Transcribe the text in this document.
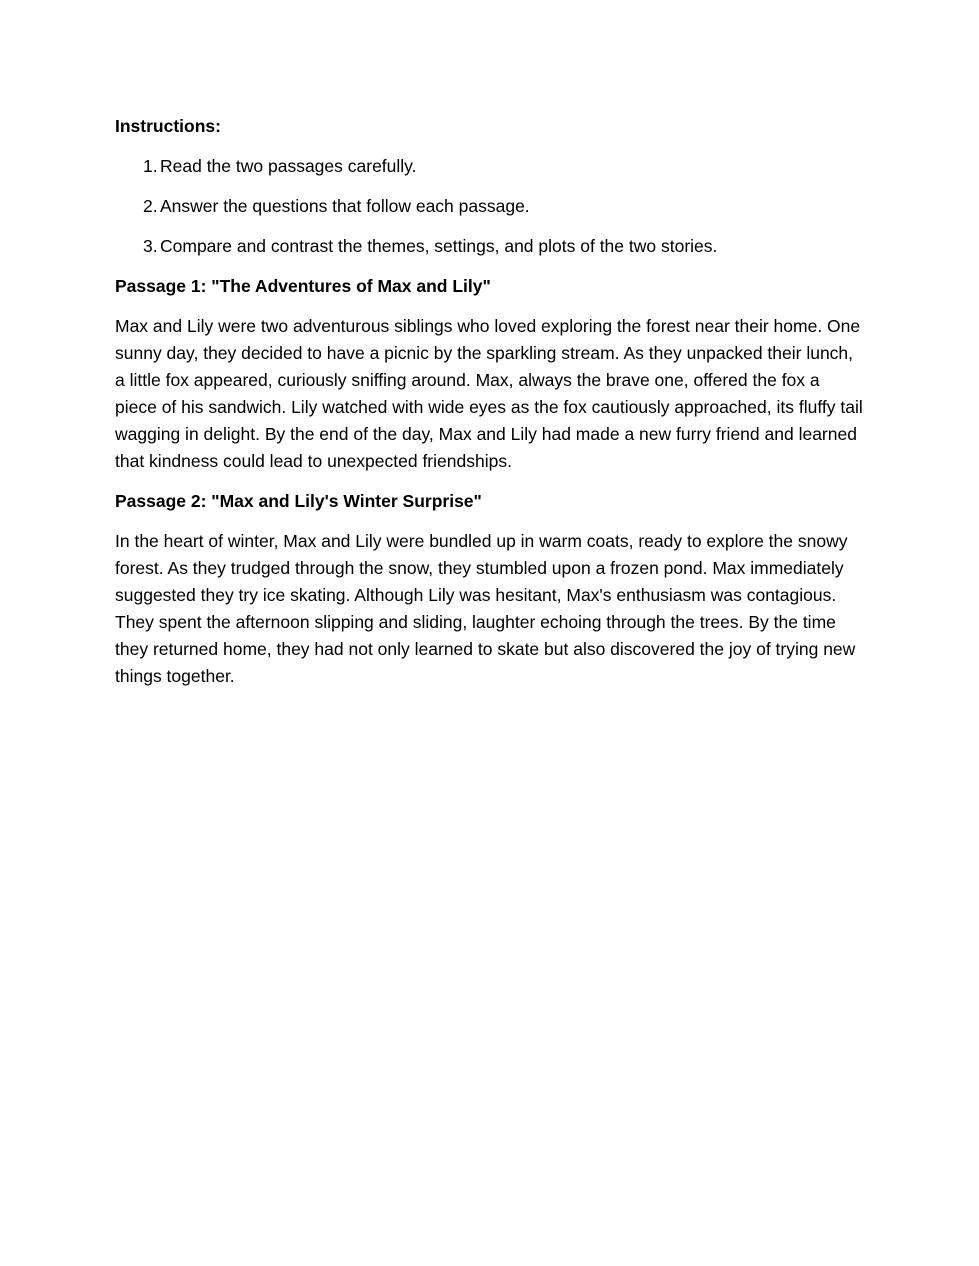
Instructions:

1. Read the two passages carefully.
2. Answer the questions that follow each passage.
3. Compare and contrast the themes, settings, and plots of the two stories.

Passage 1: "The Adventures of Max and Lily"

Max and Lily were two adventurous siblings who loved exploring the forest near their home. One sunny day, they decided to have a picnic by the sparkling stream. As they unpacked their lunch, a little fox appeared, curiously sniffing around. Max, always the brave one, offered the fox a piece of his sandwich. Lily watched with wide eyes as the fox cautiously approached, its fluffy tail wagging in delight. By the end of the day, Max and Lily had made a new furry friend and learned that kindness could lead to unexpected friendships.

Passage 2: "Max and Lily's Winter Surprise"

In the heart of winter, Max and Lily were bundled up in warm coats, ready to explore the snowy forest. As they trudged through the snow, they stumbled upon a frozen pond. Max immediately suggested they try ice skating. Although Lily was hesitant, Max's enthusiasm was contagious. They spent the afternoon slipping and sliding, laughter echoing through the trees. By the time they returned home, they had not only learned to skate but also discovered the joy of trying new things together.
